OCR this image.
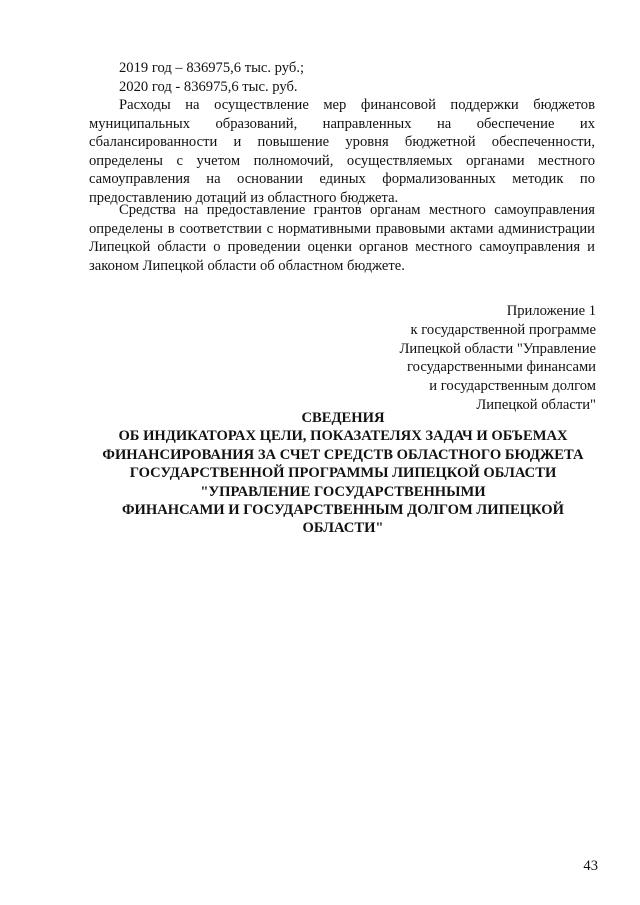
2019 год – 836975,6 тыс. руб.;
2020 год - 836975,6 тыс. руб.

Расходы на осуществление мер финансовой поддержки бюджетов муниципальных образований, направленных на обеспечение их сбалансированности и повышение уровня бюджетной обеспеченности, определены с учетом полномочий, осуществляемых органами местного самоуправления на основании единых формализованных методик по предоставлению дотаций из областного бюджета.

Средства на предоставление грантов органам местного самоуправления определены в соответствии с нормативными правовыми актами администрации Липецкой области о проведении оценки органов местного самоуправления и законом Липецкой области об областном бюджете.

Приложение 1
к государственной программе
Липецкой области "Управление
государственными финансами
и государственным долгом
Липецкой области"
СВЕДЕНИЯ
ОБ ИНДИКАТОРАХ ЦЕЛИ, ПОКАЗАТЕЛЯХ ЗАДАЧ И ОБЪЕМАХ
ФИНАНСИРОВАНИЯ ЗА СЧЕТ СРЕДСТВ ОБЛАСТНОГО БЮДЖЕТА
ГОСУДАРСТВЕННОЙ ПРОГРАММЫ ЛИПЕЦКОЙ ОБЛАСТИ
"УПРАВЛЕНИЕ ГОСУДАРСТВЕННЫМИ
ФИНАНСАМИ И ГОСУДАРСТВЕННЫМ ДОЛГОМ ЛИПЕЦКОЙ
ОБЛАСТИ"
43
